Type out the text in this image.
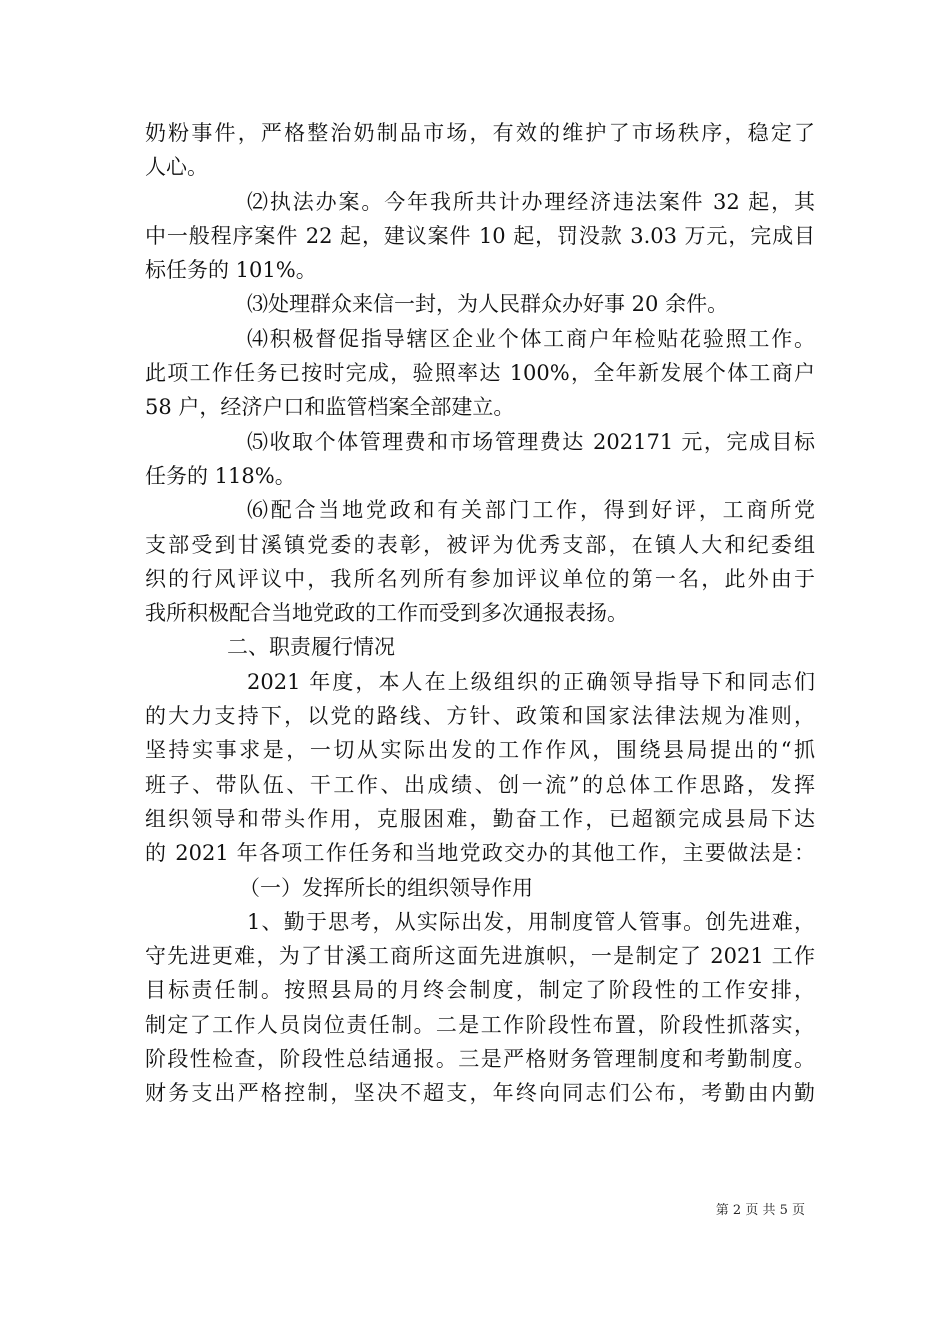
奶粉事件，严格整治奶制品市场，有效的维护了市场秩序，稳定了
人心。
⑵执法办案。今年我所共计办理经济违法案件 32 起，其
中一般程序案件 22 起，建议案件 10 起，罚没款 3.03 万元，完成目
标任务的 101%。
⑶处理群众来信一封，为人民群众办好事 20 余件。
⑷积极督促指导辖区企业个体工商户年检贴花验照工作。
此项工作任务已按时完成，验照率达 100%，全年新发展个体工商户
58 户，经济户口和监管档案全部建立。
⑸收取个体管理费和市场管理费达 202171 元，完成目标
任务的 118%。
⑹配合当地党政和有关部门工作，得到好评，工商所党
支部受到甘溪镇党委的表彰，被评为优秀支部，在镇人大和纪委组
织的行风评议中，我所名列所有参加评议单位的第一名，此外由于
我所积极配合当地党政的工作而受到多次通报表扬。
二、职责履行情况
2021 年度，本人在上级组织的正确领导指导下和同志们
的大力支持下，以党的路线、方针、政策和国家法律法规为准则，
坚持实事求是，一切从实际出发的工作作风，围绕县局提出的“抓
班子、带队伍、干工作、出成绩、创一流”的总体工作思路，发挥
组织领导和带头作用，克服困难，勤奋工作，已超额完成县局下达
的 2021 年各项工作任务和当地党政交办的其他工作，主要做法是：
（一）发挥所长的组织领导作用
1、勤于思考，从实际出发，用制度管人管事。创先进难，
守先进更难，为了甘溪工商所这面先进旗帜，一是制定了 2021 工作
目标责任制。按照县局的月终会制度，制定了阶段性的工作安排，
制定了工作人员岗位责任制。二是工作阶段性布置，阶段性抓落实，
阶段性检查，阶段性总结通报。三是严格财务管理制度和考勤制度。
财务支出严格控制，坚决不超支，年终向同志们公布，考勤由内勤
第 2 页 共 5 页
